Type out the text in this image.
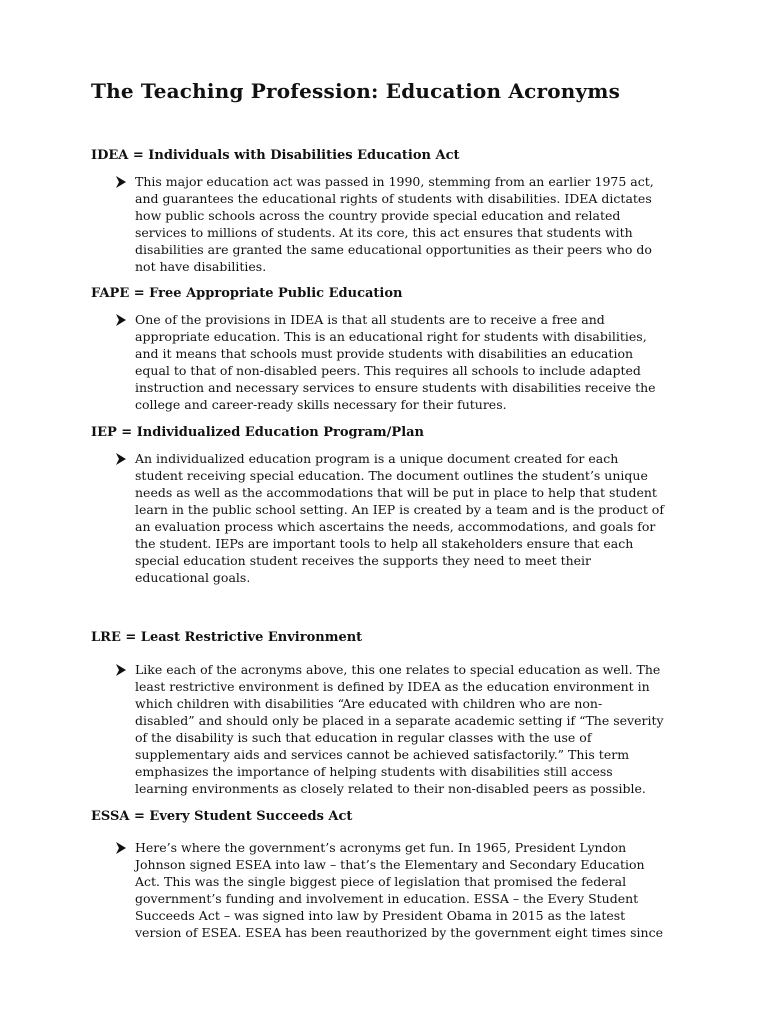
The Teaching Profession: Education Acronyms
IDEA = Individuals with Disabilities Education Act

This major education act was passed in 1990, stemming from an earlier 1975 act,
and guarantees the educational rights of students with disabilities. IDEA dictates
how public schools across the country provide special education and related
services to millions of students. At its core, this act ensures that students with
disabilities are granted the same educational opportunities as their peers who do
not have disabilities.

FAPE = Free Appropriate Public Education

One of the provisions in IDEA is that all students are to receive a free and
appropriate education. This is an educational right for students with disabilities,
and it means that schools must provide students with disabilities an education
equal to that of non-disabled peers. This requires all schools to include adapted
instruction and necessary services to ensure students with disabilities receive the
college and career-ready skills necessary for their futures.

IEP = Individualized Education Program/Plan

An individualized education program is a unique document created for each
student receiving special education. The document outlines the student’s unique
needs as well as the accommodations that will be put in place to help that student
learn in the public school setting. An IEP is created by a team and is the product of
an evaluation process which ascertains the needs, accommodations, and goals for
the student. IEPs are important tools to help all stakeholders ensure that each
special education student receives the supports they need to meet their
educational goals.

LRE = Least Restrictive Environment

Like each of the acronyms above, this one relates to special education as well. The
least restrictive environment is defined by IDEA as the education environment in
which children with disabilities “Are educated with children who are non-
disabled” and should only be placed in a separate academic setting if “The severity
of the disability is such that education in regular classes with the use of
supplementary aids and services cannot be achieved satisfactorily.” This term
emphasizes the importance of helping students with disabilities still access
learning environments as closely related to their non-disabled peers as possible.

ESSA = Every Student Succeeds Act

Here’s where the government’s acronyms get fun. In 1965, President Lyndon
Johnson signed ESEA into law – that’s the Elementary and Secondary Education
Act. This was the single biggest piece of legislation that promised the federal
government’s funding and involvement in education. ESSA – the Every Student
Succeeds Act – was signed into law by President Obama in 2015 as the latest
version of ESEA. ESEA has been reauthorized by the government eight times since
